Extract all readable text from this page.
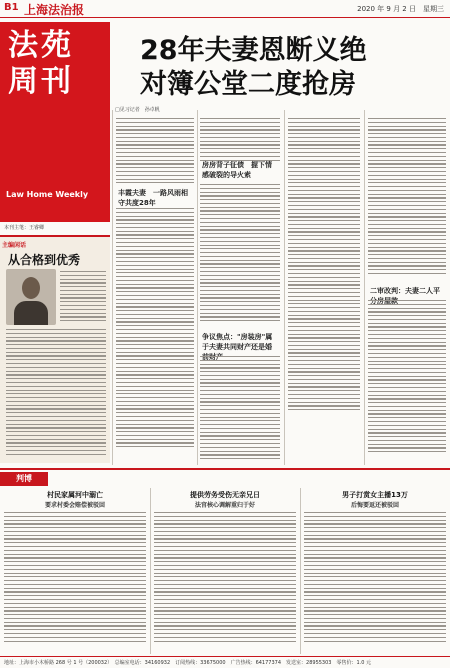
B1 上海法治报	2020 年 9 月 2 日　星期三
法苑周刊
Law Home Weekly
本刊主笔：王睿卿
28年夫妻恩断义绝
对簿公堂二度抢房
□见习记者　孙卓帆
主编闲话
从合格到优秀
丰霞夫妻　一路风雨相守共度28年
房房背子征债　握下情感破裂的导火索
争议焦点："房装房"属于夫妻共同财产还是婚
二审改判：夫妻二人平
判博
村民家属河中溺亡
要求村委会赔偿被驳回
提供劳务受伤无亲兄日
法官核心调解重归于好
男子打赏女主播13万
后悔要返还被驳回
地址：上海市小木桥路 268 号 1 号（200032）　总编室电话：34160932　订阅热线：33675000　广告热线：64177374　发送室：28955303　零售价：1.0 元
